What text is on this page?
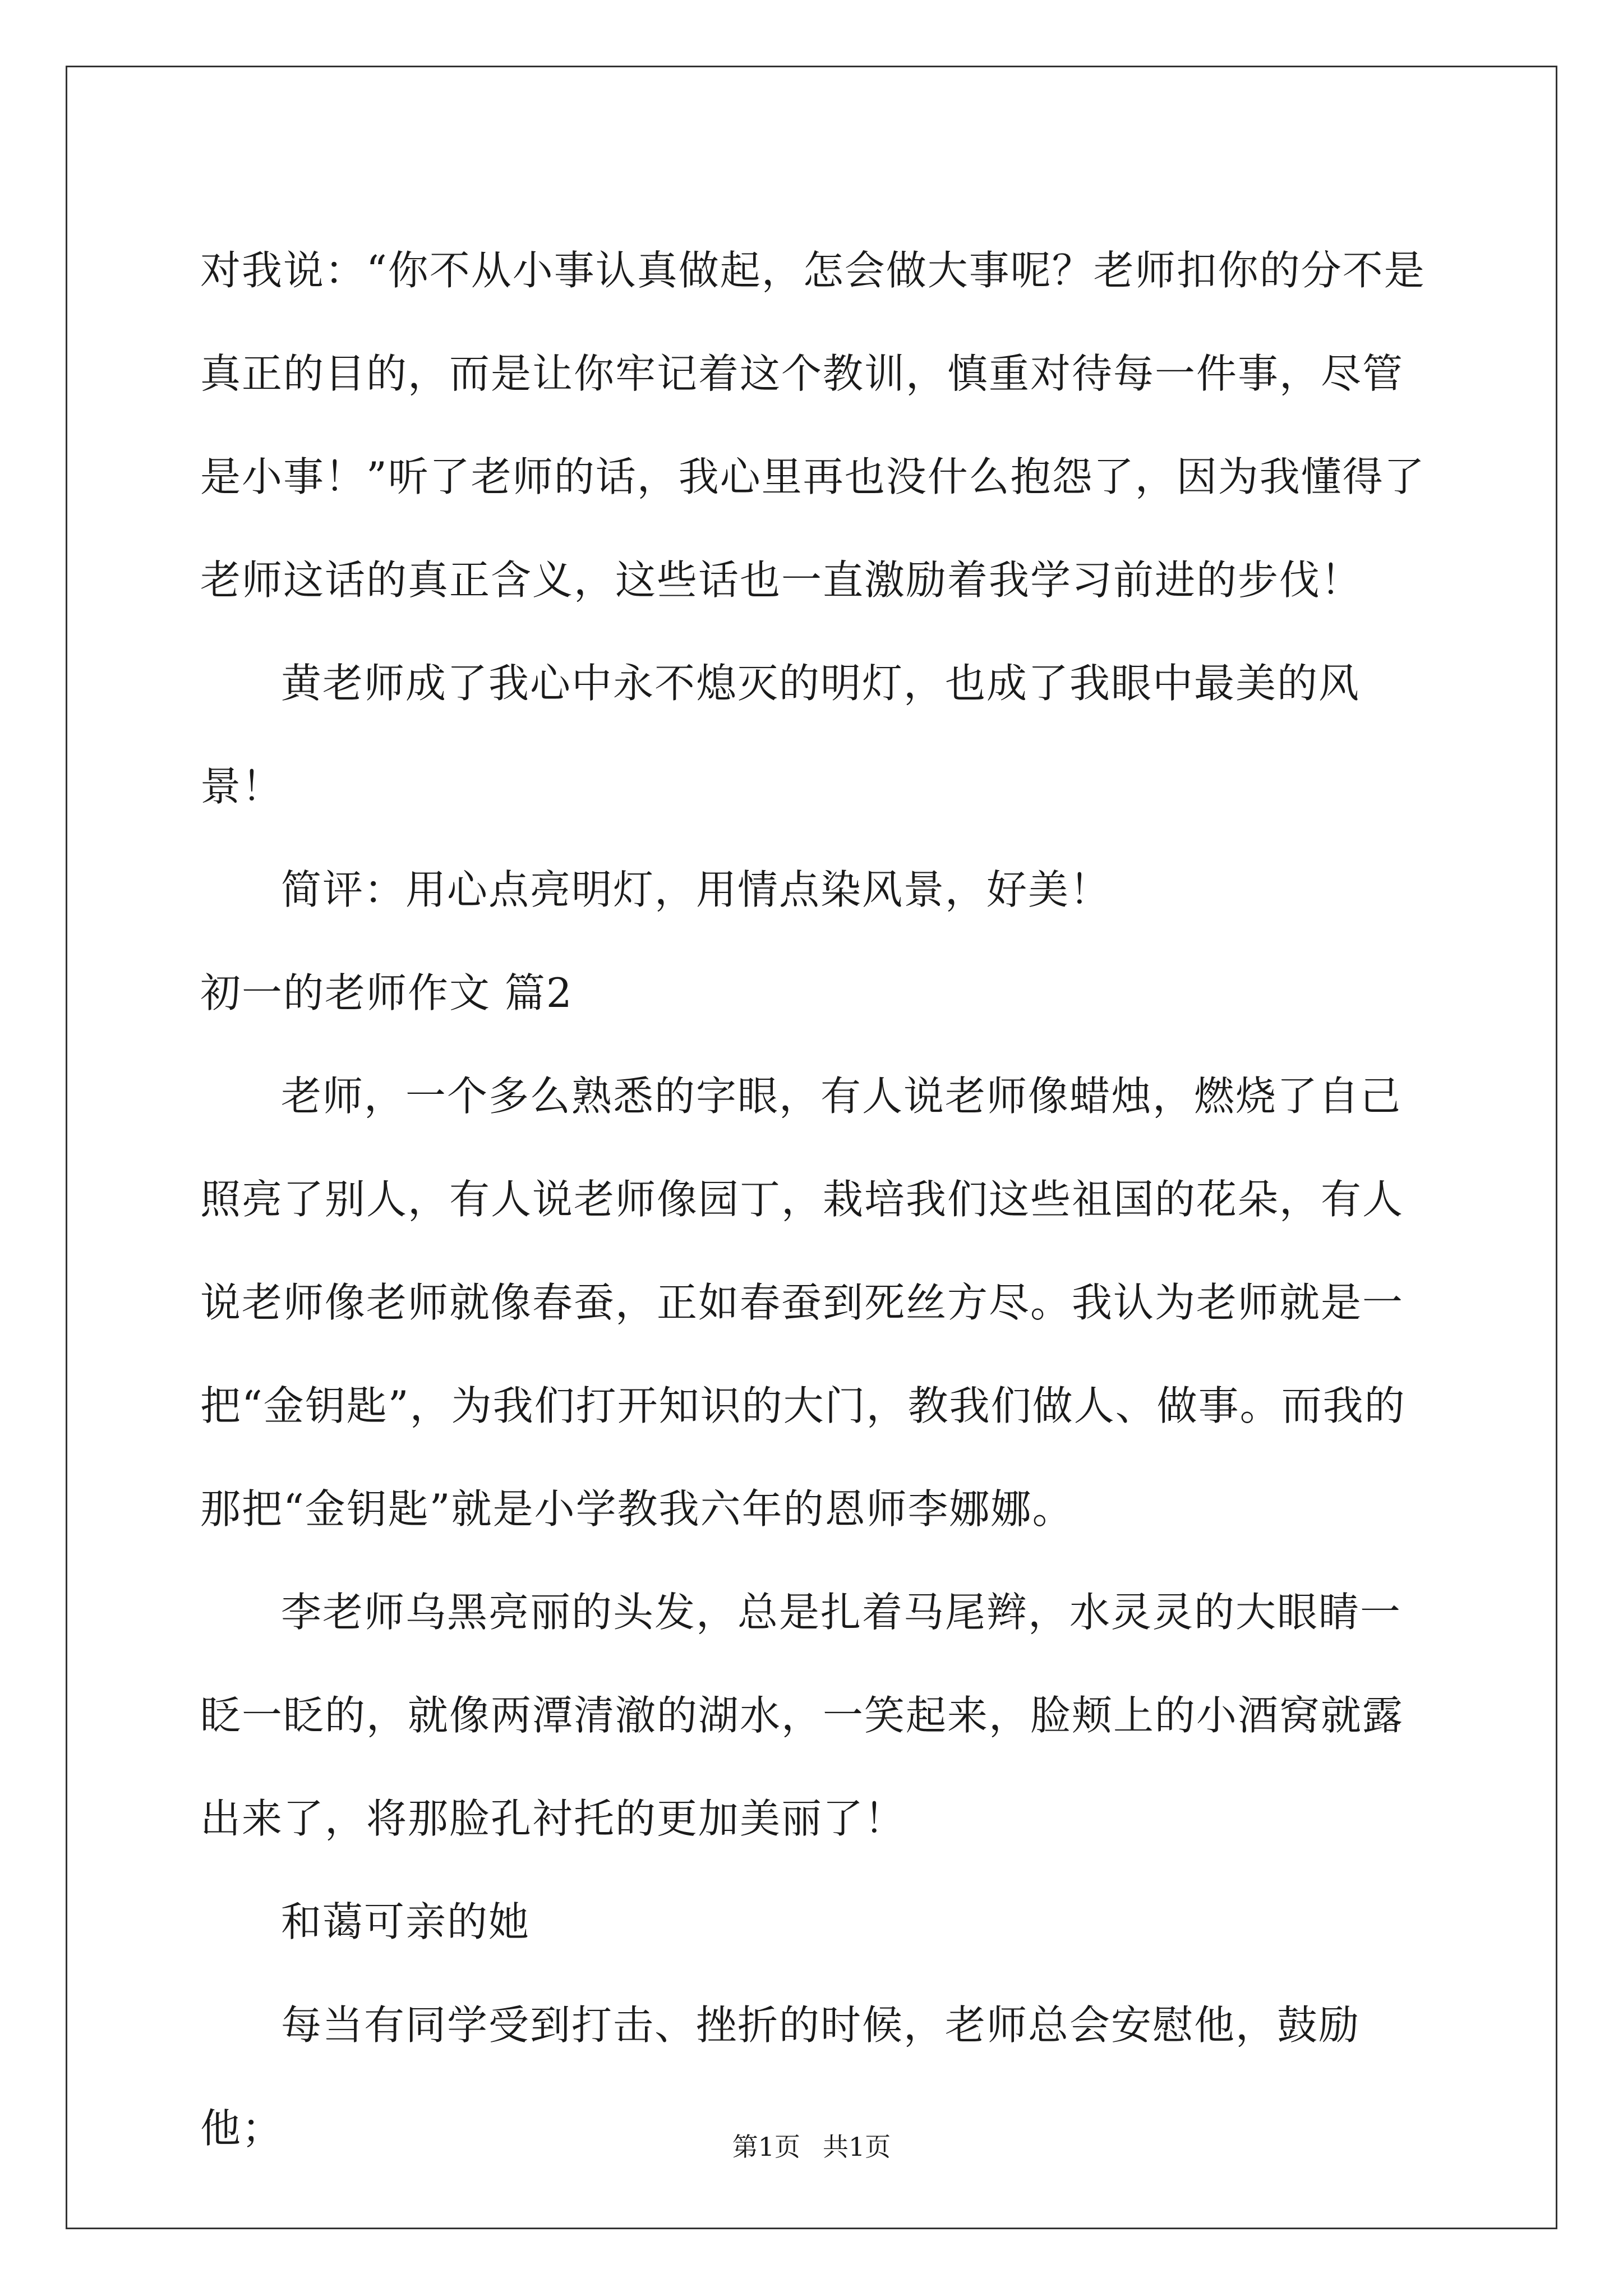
对我说：“你不从小事认真做起，怎会做大事呢？老师扣你的分不是真正的目的，而是让你牢记着这个教训，慎重对待每一件事，尽管是小事！”听了老师的话，我心里再也没什么抱怨了，因为我懂得了老师这话的真正含义，这些话也一直激励着我学习前进的步伐！

黄老师成了我心中永不熄灭的明灯，也成了我眼中最美的风景！

简评：用心点亮明灯，用情点染风景，好美！

初一的老师作文 篇2

老师，一个多么熟悉的字眼，有人说老师像蜡烛，燃烧了自己照亮了别人，有人说老师像园丁，栽培我们这些祖国的花朵，有人说老师像老师就像春蚕，正如春蚕到死丝方尽。我认为老师就是一把“金钥匙”，为我们打开知识的大门，教我们做人、做事。而我的那把“金钥匙”就是小学教我六年的恩师李娜娜。

李老师乌黑亮丽的头发，总是扎着马尾辫，水灵灵的大眼睛一眨一眨的，就像两潭清澈的湖水，一笑起来，脸颊上的小酒窝就露出来了，将那脸孔衬托的更加美丽了！

和蔼可亲的她

每当有同学受到打击、挫折的时候，老师总会安慰他，鼓励他；	第1页 共1页
